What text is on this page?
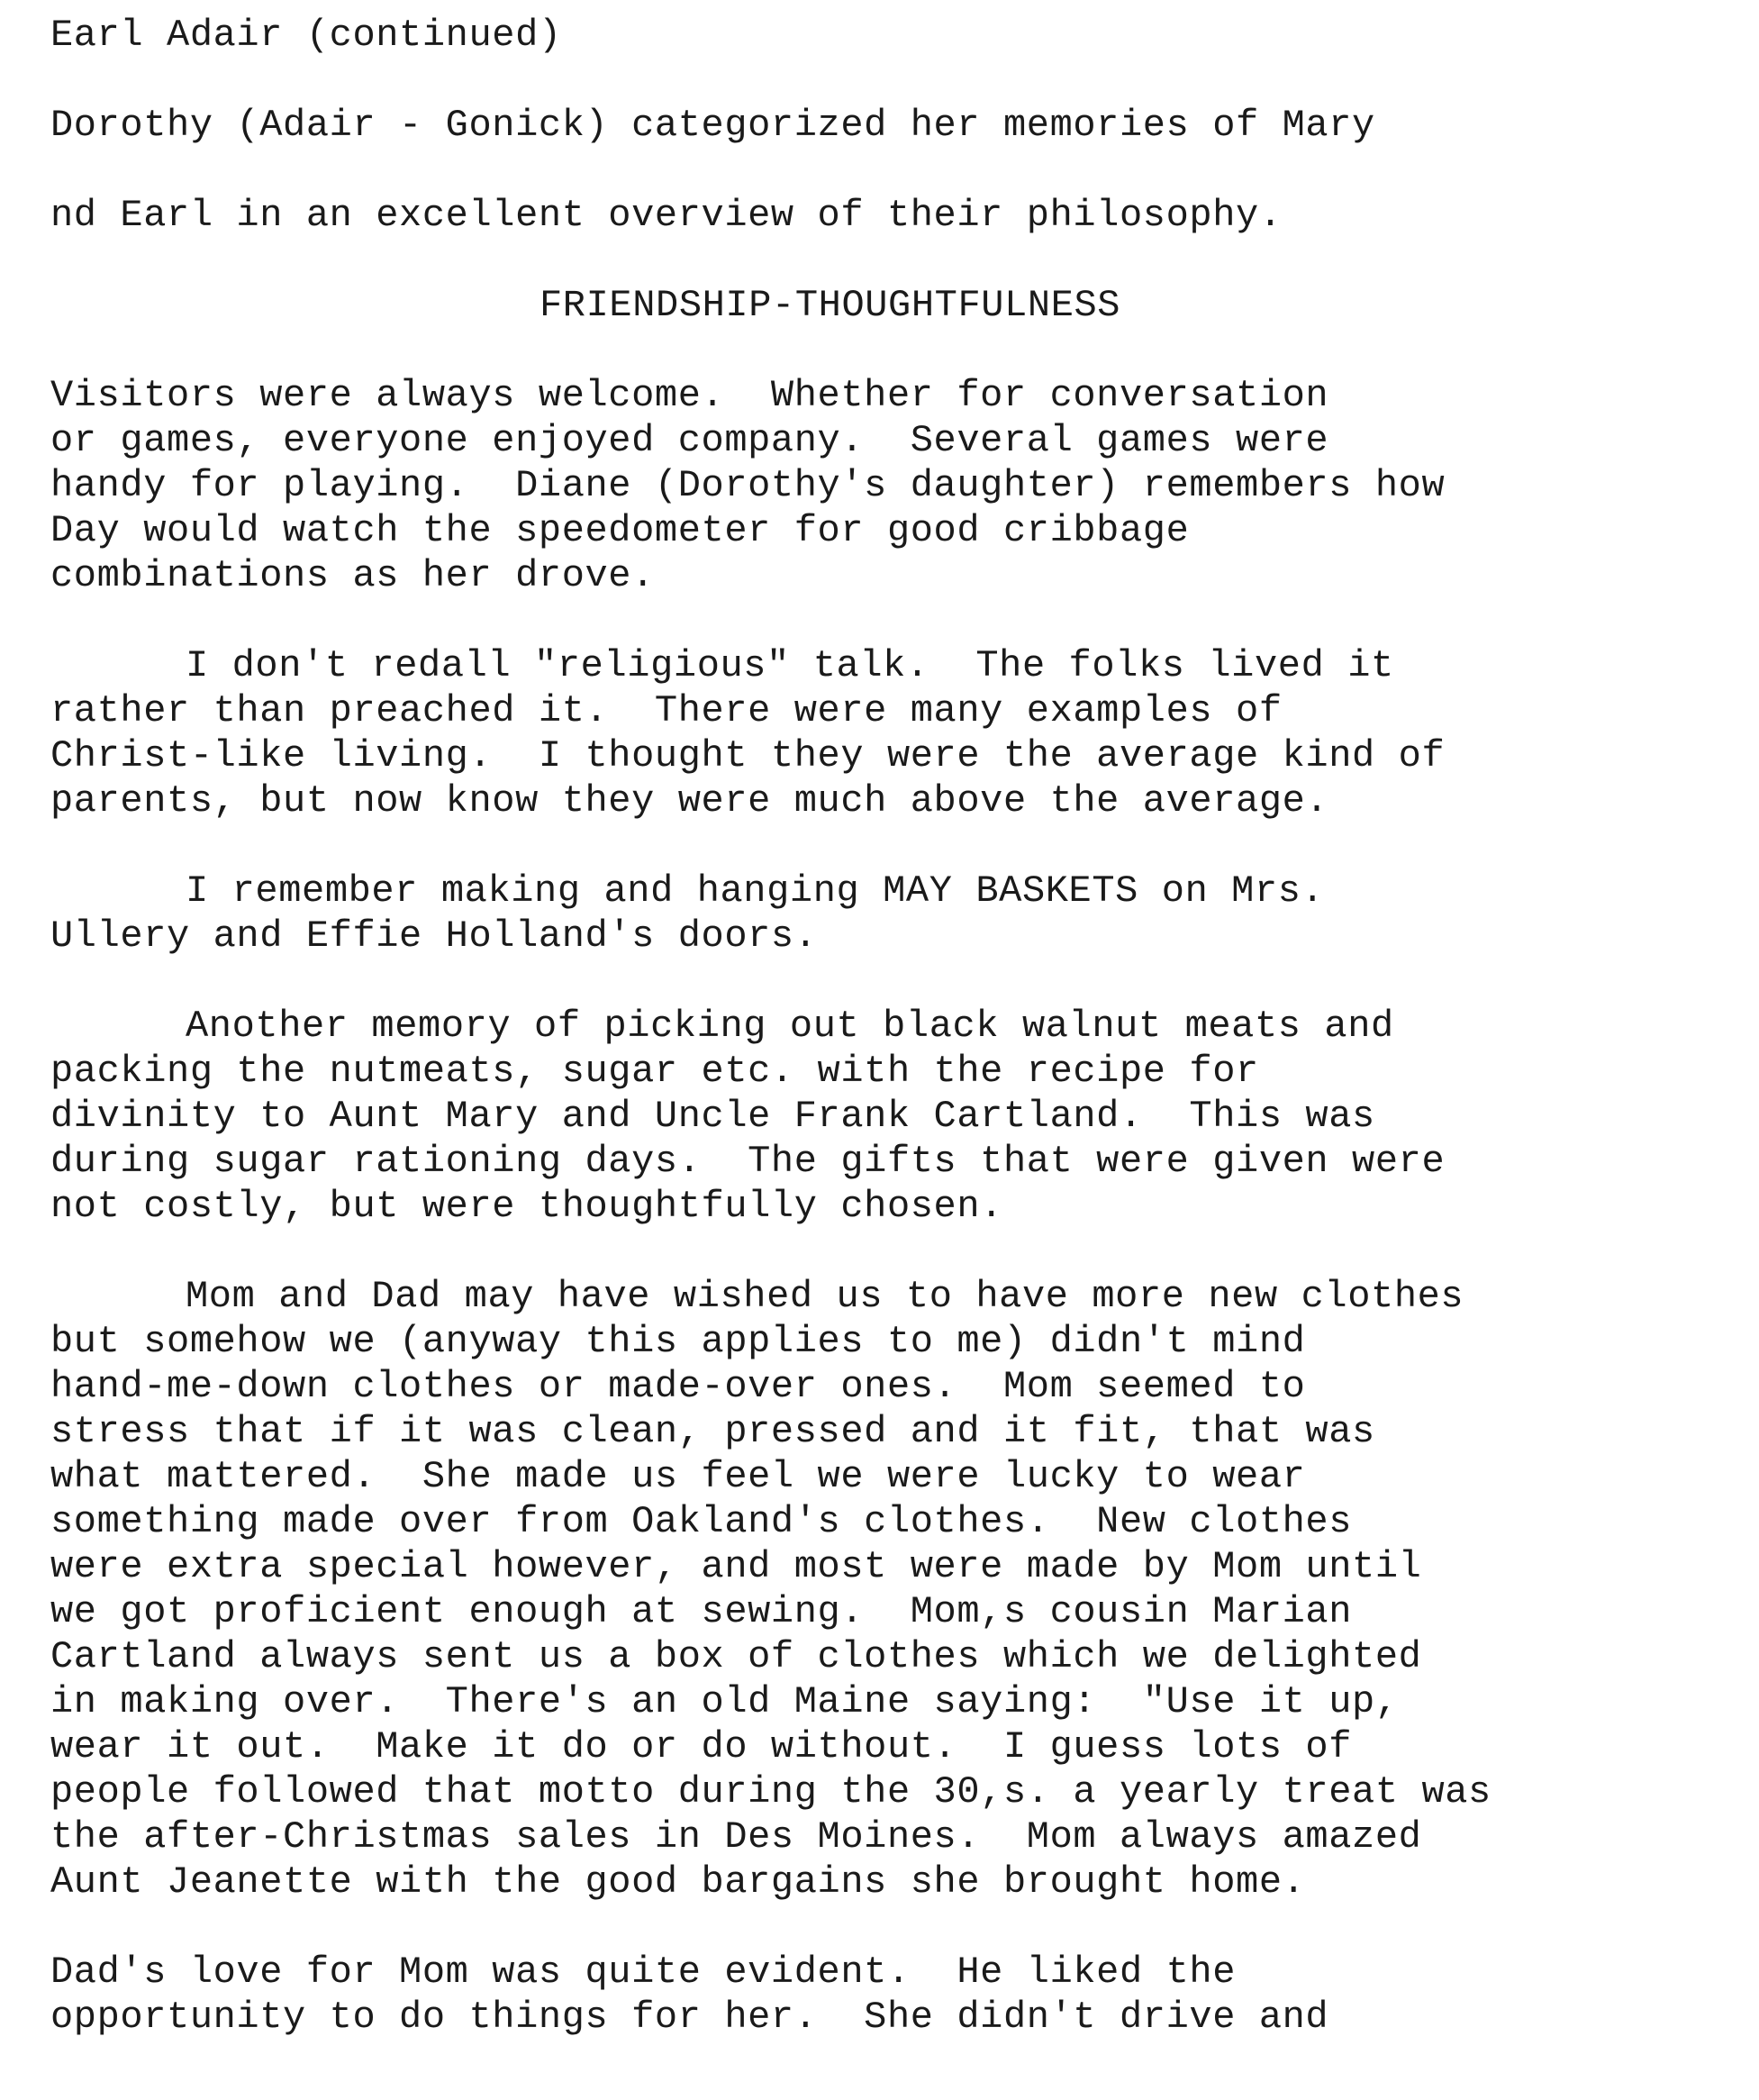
Earl Adair (continued)
Dorothy (Adair - Gonick) categorized her memories of Mary
nd Earl in an excellent overview of their philosophy.
FRIENDSHIP-THOUGHTFULNESS
Visitors were always welcome.  Whether for conversation
or games, everyone enjoyed company.  Several games were
handy for playing.  Diane (Dorothy's daughter) remembers how
Day would watch the speedometer for good cribbage
combinations as her drove.
I don't redall "religious" talk.  The folks lived it
rather than preached it.  There were many examples of
Christ-like living.  I thought they were the average kind of
parents, but now know they were much above the average.
I remember making and hanging MAY BASKETS on Mrs.
Ullery and Effie Holland's doors.
Another memory of picking out black walnut meats and
packing the nutmeats, sugar etc. with the recipe for
divinity to Aunt Mary and Uncle Frank Cartland.  This was
during sugar rationing days.  The gifts that were given were
not costly, but were thoughtfully chosen.
Mom and Dad may have wished us to have more new clothes
but somehow we (anyway this applies to me) didn't mind
hand-me-down clothes or made-over ones.  Mom seemed to
stress that if it was clean, pressed and it fit, that was
what mattered.  She made us feel we were lucky to wear
something made over from Oakland's clothes.  New clothes
were extra special however, and most were made by Mom until
we got proficient enough at sewing.  Mom,s cousin Marian
Cartland always sent us a box of clothes which we delighted
in making over.  There's an old Maine saying:  "Use it up,
wear it out.  Make it do or do without.  I guess lots of
people followed that motto during the 30,s. a yearly treat was
the after-Christmas sales in Des Moines.  Mom always amazed
Aunt Jeanette with the good bargains she brought home.
Dad's love for Mom was quite evident.  He liked the
opportunity to do things for her.  She didn't drive and
